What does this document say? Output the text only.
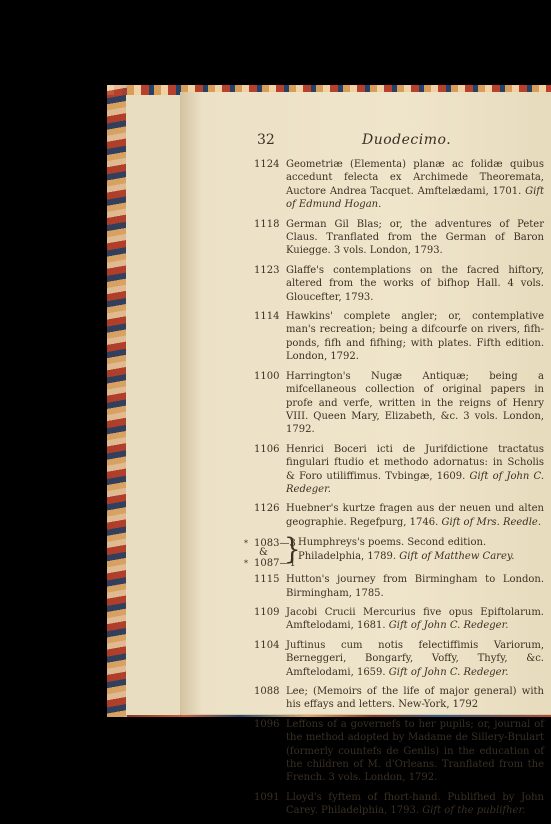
32	Duodecimo.
1124 Geometriæ (Elementa) planæ ac folidæ quibus accedunt felecta ex Archimede Theoremata, Auctore Andrea Tacquet. Amftelædami, 1701. Gift of Edmund Hogan.
1118 German Gil Blas; or, the adventures of Peter Claus. Tranflated from the German of Baron Kuiegge. 3 vols. London, 1793.
1123 Glaffe's contemplations on the facred hiftory, altered from the works of bifhop Hall. 4 vols. Gloucefter, 1793.
1114 Hawkins' complete angler; or, contemplative man's recreation; being a difcourfe on rivers, fifh-ponds, fifh and fifhing; with plates. Fifth edition. London, 1792.
1100 Harrington's Nugæ Antiquæ; being a mifcellaneous collection of original papers in profe and verfe, written in the reigns of Henry VIII. Queen Mary, Elizabeth, &c. 3 vols. London, 1792.
1106 Henrici Boceri icti de Jurifdictione tractatus fingulari ftudio et methodo adornatus: in Scholis & Foro utiliffimus. Tvbingæ, 1609. Gift of John C. Redeger.
1126 Huebner's kurtze fragen aus der neuen und alten geographie. Regefpurg, 1746. Gift of Mrs. Reedle.
*
*
1083—3
&
1087—1
}
Humphreys's poems. Second edition. Philadelphia, 1789. Gift of Matthew Carey.
1115 Hutton's journey from Birmingham to London. Birmingham, 1785.
1109 Jacobi Crucii Mercurius five opus Epiftolarum. Amftelodami, 1681. Gift of John C. Redeger.
1104 Juftinus cum notis felectiffimis Variorum, Berneggeri, Bongarfy, Voffy, Thyfy, &c. Amftelodami, 1659. Gift of John C. Redeger.
1088 Lee; (Memoirs of the life of major general) with his effays and letters. New-York, 1792
1096 Leffons of a governefs to her pupils; or, journal of the method adopted by Madame de Sillery-Brulart (formerly countefs de Genlis) in the education of the children of M. d'Orleans. Tranflated from the French. 3 vols. London, 1792.
1091 Lloyd's fyftem of fhort-hand. Publifhed by John Carey. Philadelphia, 1793. Gift of the publifher.
